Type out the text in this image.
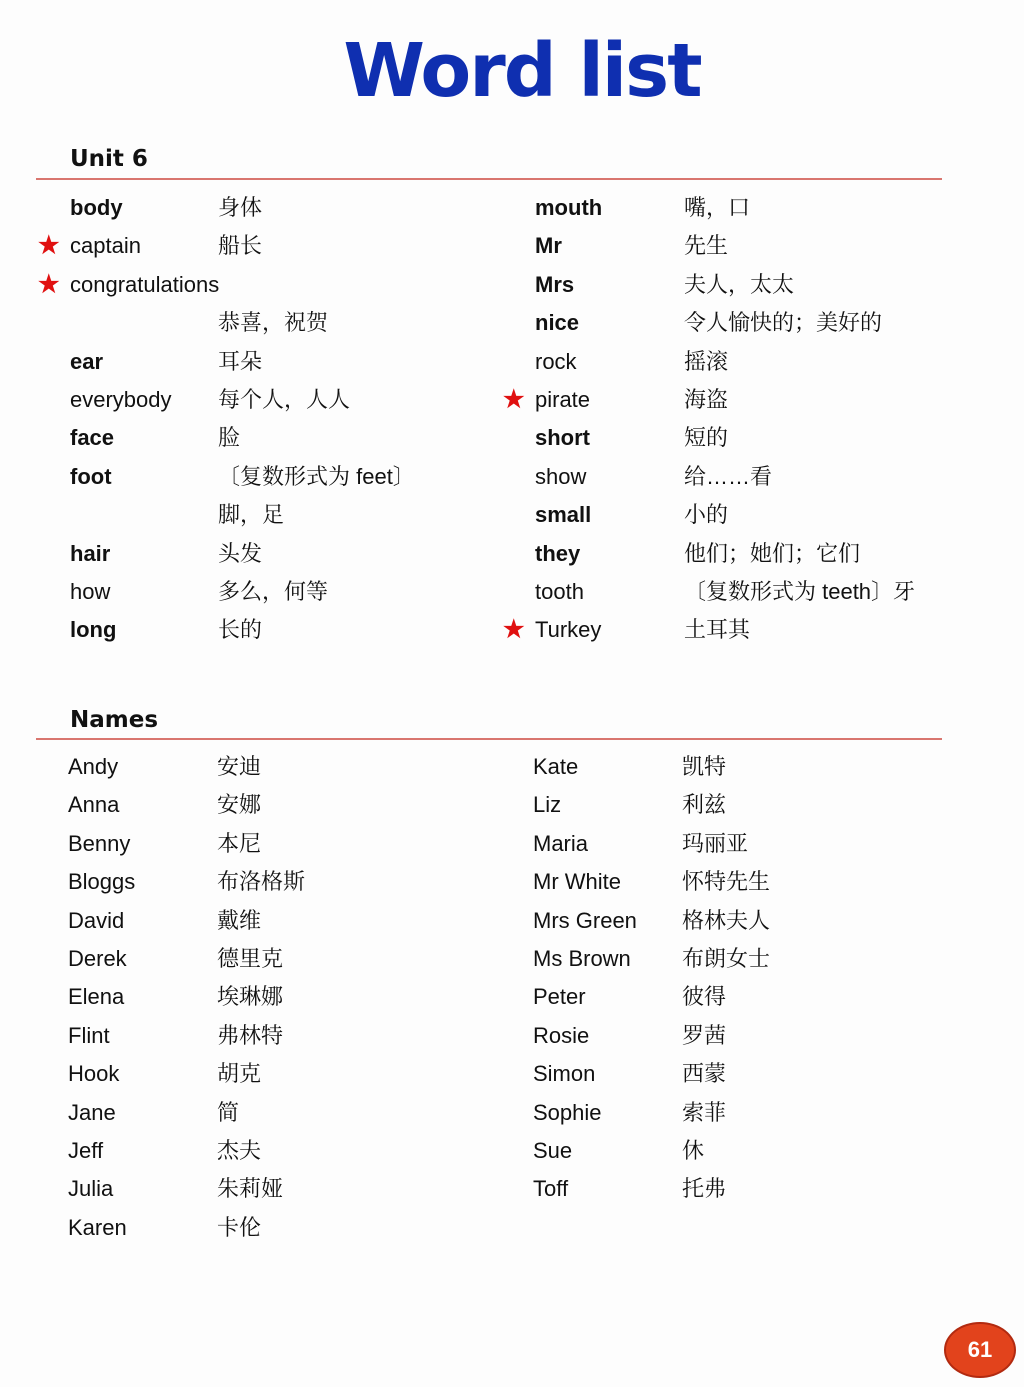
Word list
Unit 6
body	身体
★ captain	船长
★ congratulations
恭喜，祝贺
ear	耳朵
everybody 每个人，人人
face	脸
foot	〔复数形式为 feet〕
脚，足
hair	头发
how	多么，何等
long	长的
mouth	嘴，口
Mr	先生
Mrs	夫人，太太
nice	令人愉快的；美好的
rock	摇滚
★ pirate	海盗
short	短的
show	给……看
small	小的
they	他们；她们；它们
tooth	〔复数形式为 teeth〕牙
★ Turkey	土耳其
Names
Andy	安迪
Anna	安娜
Benny	本尼
Bloggs	布洛格斯
David	戴维
Derek	德里克
Elena	埃琳娜
Flint	弗林特
Hook	胡克
Jane	简
Jeff	杰夫
Julia	朱莉娅
Karen	卡伦
Kate	凯特
Liz	利兹
Maria	玛丽亚
Mr White	怀特先生
Mrs Green 格林夫人
Ms Brown 布朗女士
Peter	彼得
Rosie	罗茜
Simon	西蒙
Sophie	索菲
Sue	休
Toff	托弗
61
